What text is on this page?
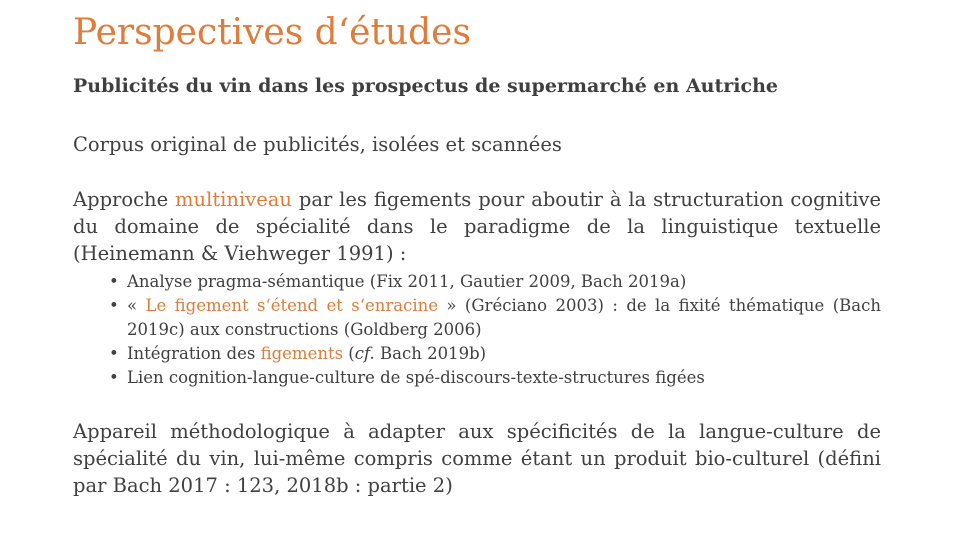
Perspectives d‘études
Publicités du vin dans les prospectus de supermarché en Autriche
Corpus original de publicités, isolées et scannées
Approche multiniveau par les figements pour aboutir à la structuration cognitive du domaine de spécialité dans le paradigme de la linguistique textuelle (Heinemann & Viehweger 1991) :
• Analyse pragma-sémantique (Fix 2011, Gautier 2009, Bach 2019a)
• « Le figement s‘étend et s‘enracine » (Gréciano 2003) : de la fixité thématique (Bach 2019c) aux constructions (Goldberg 2006)
• Intégration des figements (cf. Bach 2019b)
• Lien cognition-langue-culture de spé-discours-texte-structures figées
Appareil méthodologique à adapter aux spécificités de la langue-culture de spécialité du vin, lui-même compris comme étant un produit bio-culturel (défini par Bach 2017 : 123, 2018b : partie 2)
